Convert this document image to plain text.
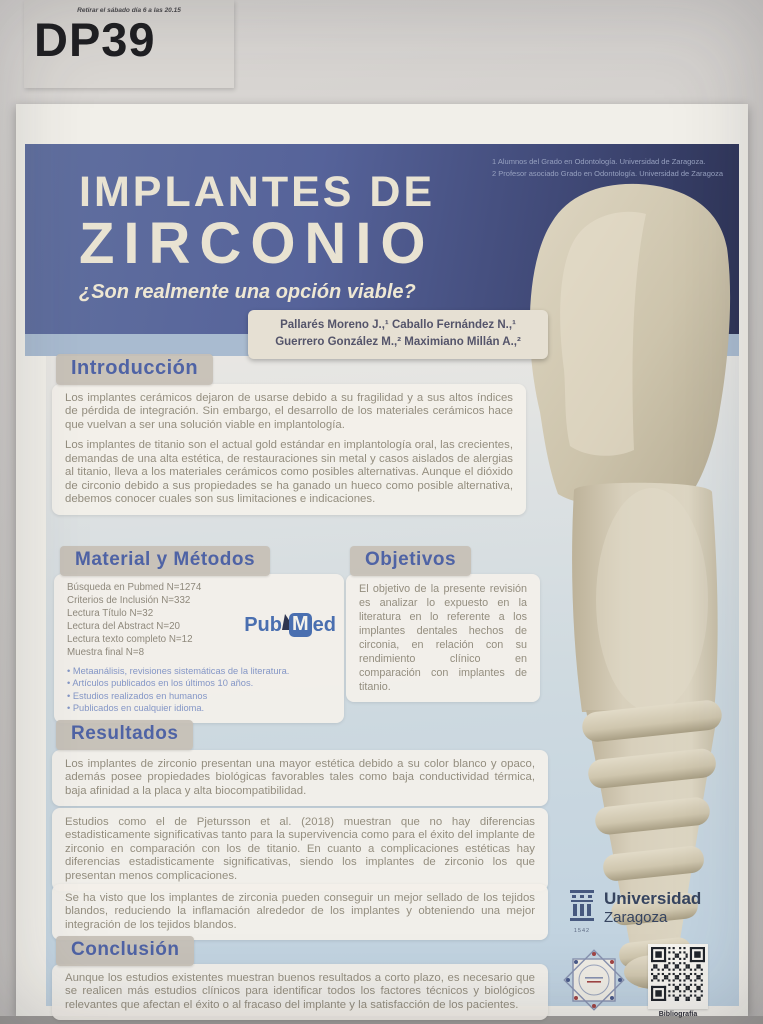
Retirar el sábado día 6 a las 20.15
DP39
1 Alumnos del Grado en Odontología. Universidad de Zaragoza.
2 Profesor asociado Grado en Odontología. Universidad de Zaragoza
IMPLANTES DE
ZIRCONIO
¿Son realmente una opción viable?
Pallarés Moreno J.,¹ Caballo Fernández N.,¹
Guerrero González M.,² Maximiano Millán A.,²
Introducción

Los implantes cerámicos dejaron de usarse debido a su fragilidad y a sus altos índices de pérdida de integración. Sin embargo, el desarrollo de los materiales cerámicos hace que vuelvan a ser una solución viable en implantología.

Los implantes de titanio son el actual gold estándar en implantología oral, las crecientes, demandas de una alta estética, de restauraciones sin metal y casos aislados de alergias al titanio, lleva a los materiales cerámicos como posibles alternativas. Aunque el dióxido de circonio debido a sus propiedades se ha ganado un hueco como posible alternativa, debemos conocer cuales son sus limitaciones e indicaciones.

Material y Métodos
Búsqueda en Pubmed N=1274
Criterios de Inclusión N=332
Lectura Título N=32
Lectura del Abstract N=20
Lectura texto completo N=12
Muestra final N=8
• Metaanálisis, revisiones sistemáticas de la literatura.
• Artículos publicados en los últimos 10 años.
• Estudios realizados en humanos
• Publicados en cualquier idioma.
Pub M ed
Objetivos

El objetivo de la presente revisión es analizar lo expuesto en la literatura en lo referente a los implantes dentales hechos de circonia, en relación con su rendimiento clínico en comparación con implantes de titanio.

Resultados

Los implantes de zirconio presentan una mayor estética debido a su color blanco y opaco, además posee propiedades biológicas favorables tales como baja conductividad térmica, baja afinidad a la placa y alta biocompatibilidad.

Estudios como el de Pjetursson et al. (2018) muestran que no hay diferencias estadisticamente significativas tanto para la supervivencia como para el éxito del implante de zirconio en comparación con los de titanio. En cuanto a complicaciones estéticas hay diferencias estadisticamente significativas, siendo los implantes de zirconio los que presentan menos complicaciones.

Se ha visto que los implantes de zirconia pueden conseguir un mejor sellado de los tejidos blandos, reduciendo la inflamación alrededor de los implantes y obteniendo una mejor integración de los tejidos blandos.

Conclusión

Aunque los estudios existentes muestran buenos resultados a corto plazo, es necesario que se realicen más estudios clínicos para identificar todos los factores técnicos y biológicos relevantes que afectan el éxito o al fracaso del implante y la satisfacción de los pacientes.

1542
Universidad
Zaragoza
Bibliografía
